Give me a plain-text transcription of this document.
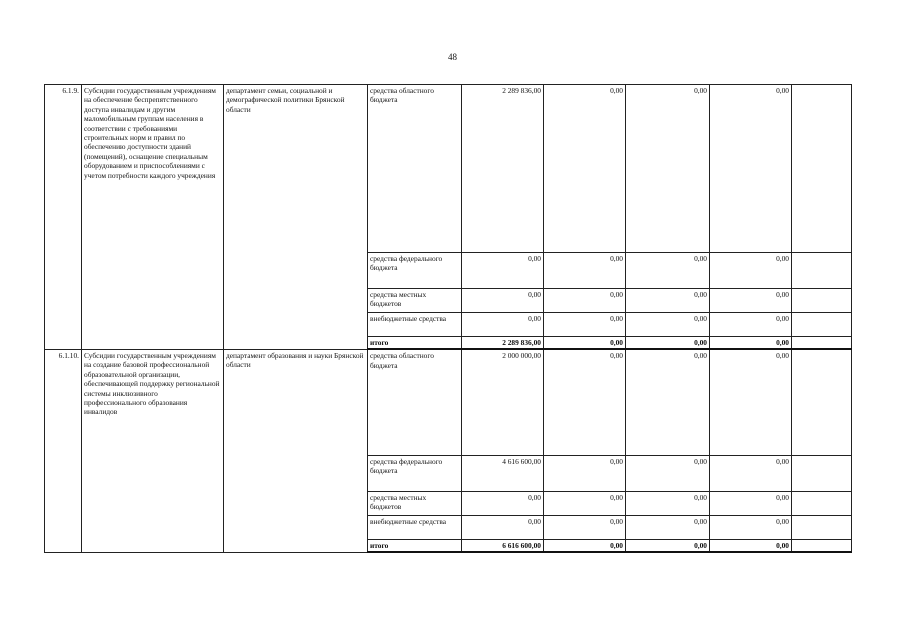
48
6.1.9.	Субсидии государственным учреждениям на обеспечение беспрепятственного доступа инвалидам и другим маломобильным группам населения в соответствии с требованиями строительных норм и правил по обеспечению доступности зданий (помещений), оснащение специальным оборудованием и приспособлениями с учетом потребности каждого учреждения	департамент семьи, социальной и демографической политики Брянской области	средства областного бюджета	2 289 836,00	0,00	0,00	0,00	
			средства федерального бюджета	0,00	0,00	0,00	0,00	
			средства местных бюджетов	0,00	0,00	0,00	0,00	
			внебюджетные средства	0,00	0,00	0,00	0,00	
			итого	2 289 836,00	0,00	0,00	0,00	
6.1.10.	Субсидии государственным учреждениям на создание базовой профессиональной образовательной организации, обеспечивающей поддержку региональной системы инклюзивного профессионального образования инвалидов	департамент образования и науки Брянской области	средства областного бюджета	2 000 000,00	0,00	0,00	0,00	
			средства федерального бюджета	4 616 600,00	0,00	0,00	0,00	
			средства местных бюджетов	0,00	0,00	0,00	0,00	
			внебюджетные средства	0,00	0,00	0,00	0,00	
			итого	6 616 600,00	0,00	0,00	0,00	
